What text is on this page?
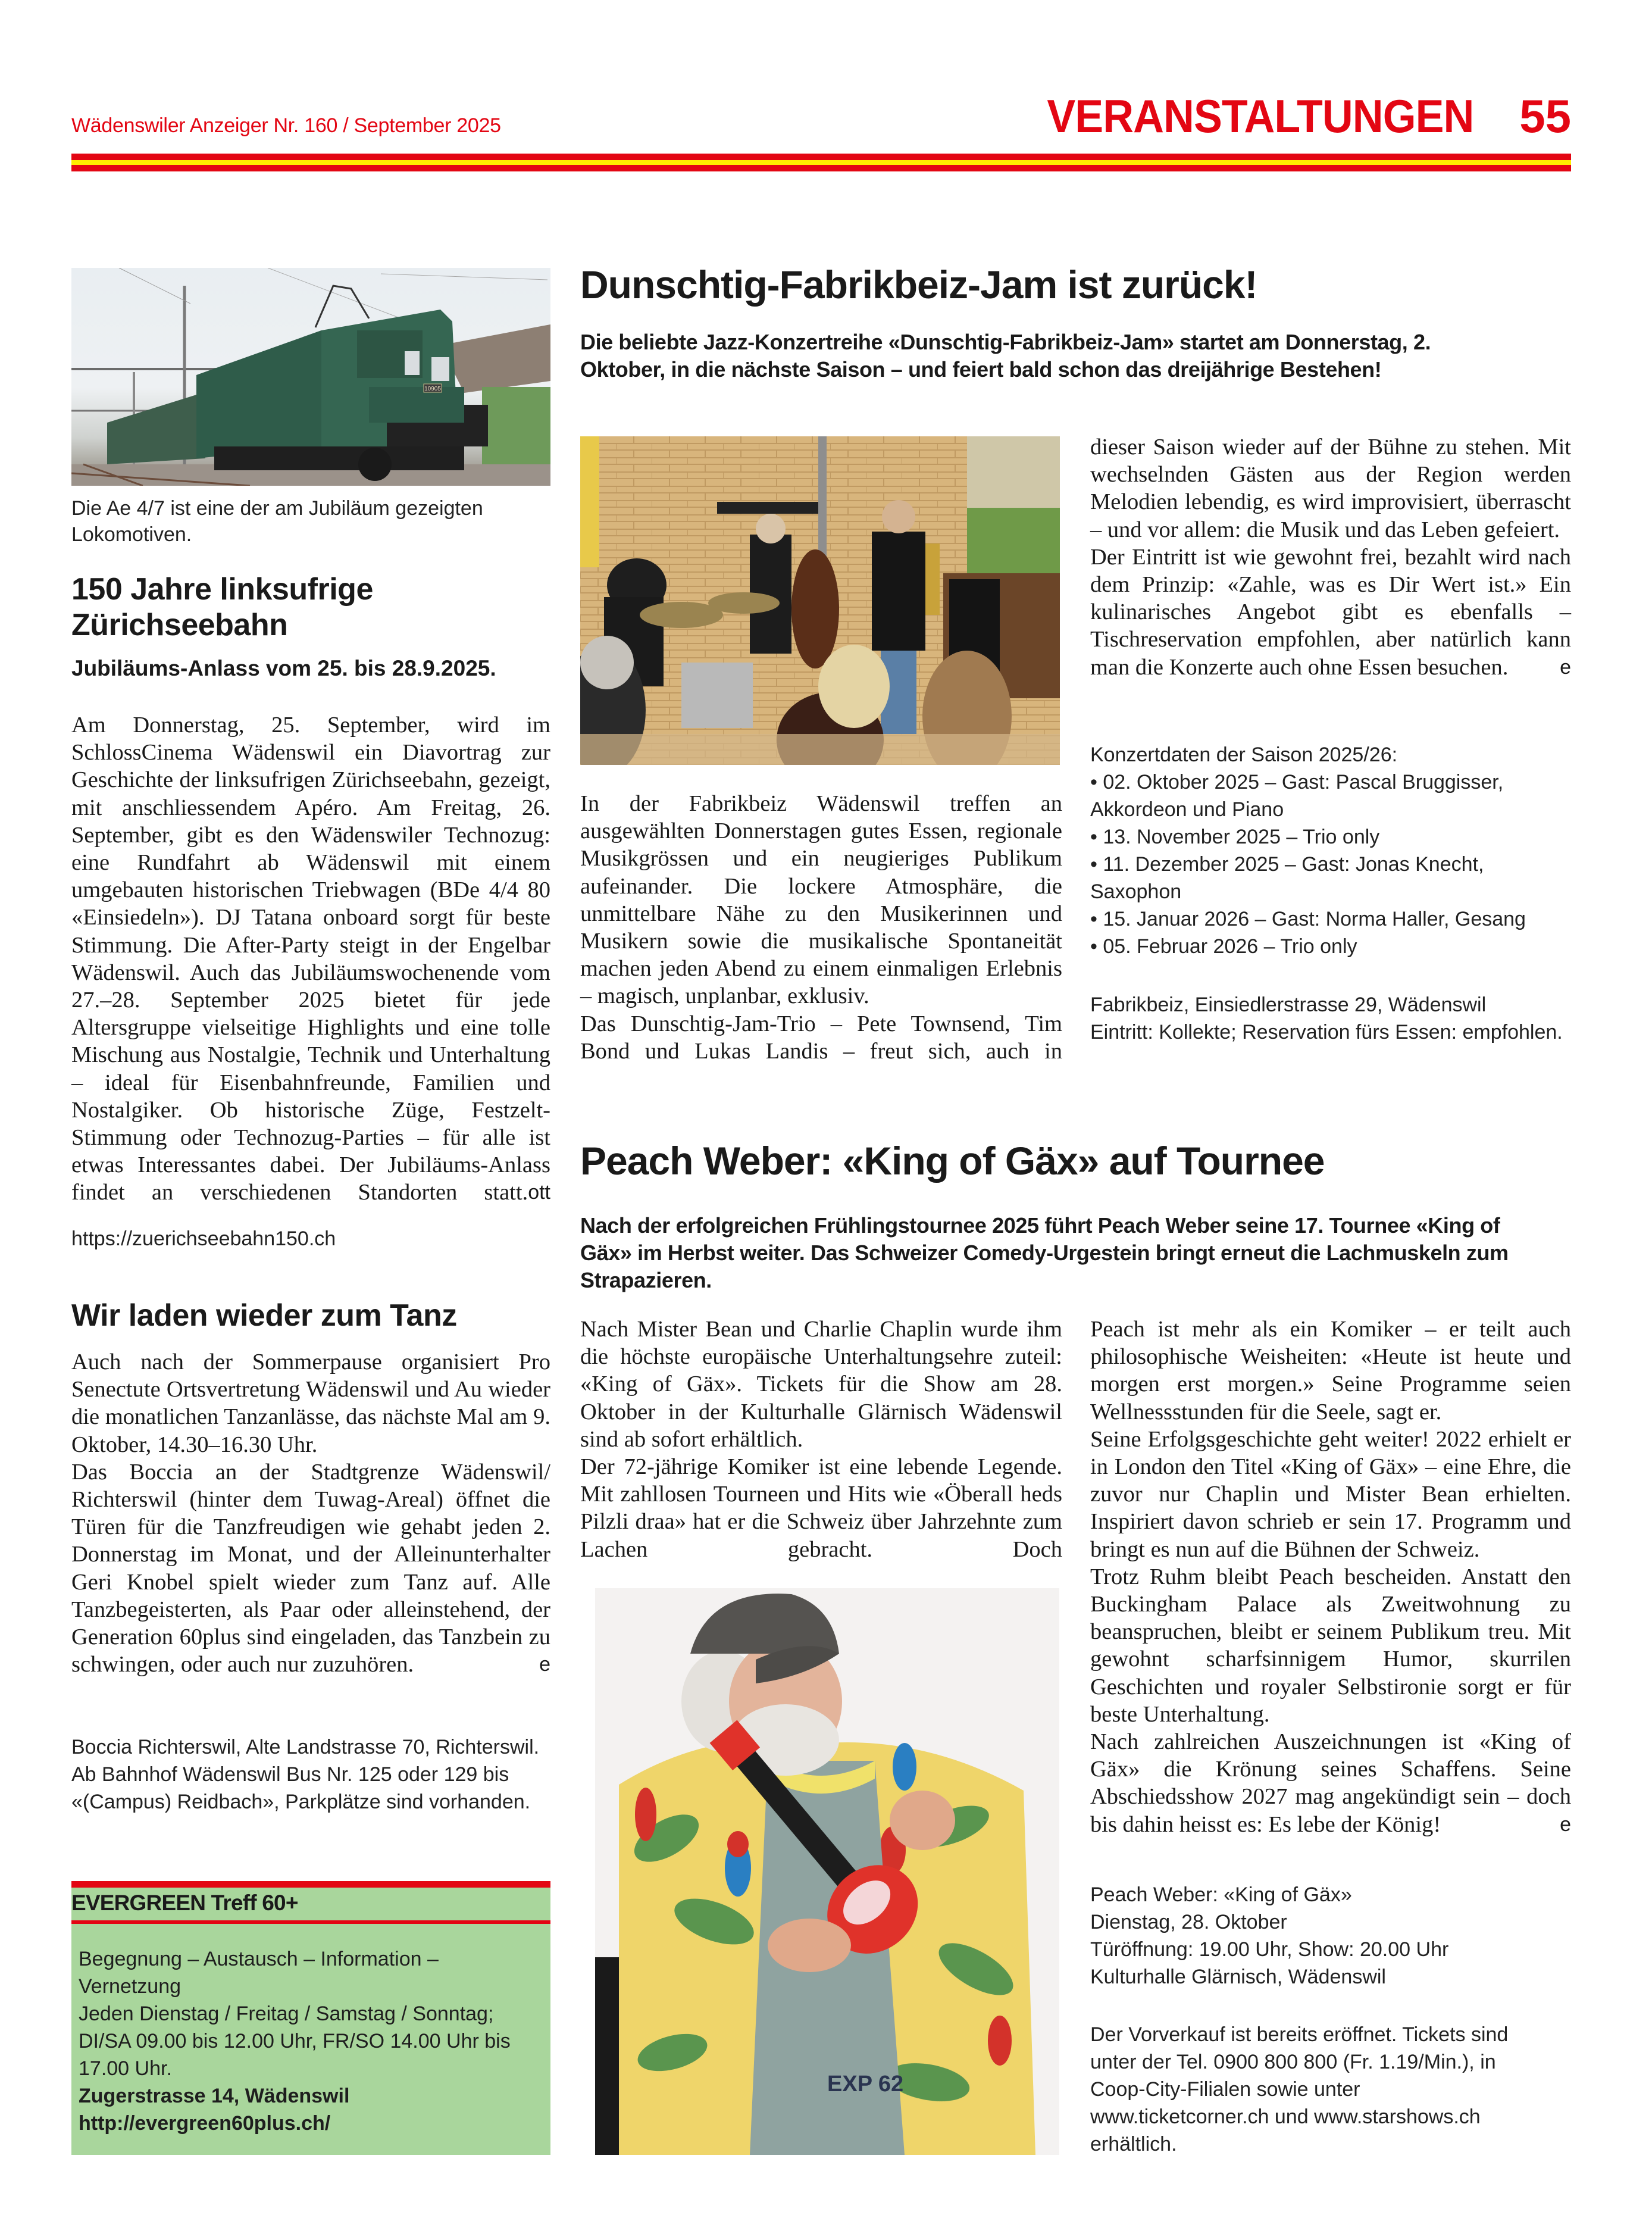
Wädenswiler Anzeiger Nr. 160 / September 2025	VERANSTALTUNGEN 55
10905
Die Ae 4/7 ist eine der am Jubiläum gezeigten Lokomotiven.
150 Jahre linksufrige Zürichseebahn
Jubiläums-Anlass vom 25. bis 28.9.2025.

Am Donnerstag, 25. September, wird im SchlossCinema Wädenswil ein Diavortrag zur Geschichte der linksufrigen Zürichseebahn, gezeigt, mit anschliessendem Apéro. Am Freitag, 26. September, gibt es den Wädenswiler Technozug: eine Rundfahrt ab Wädenswil mit einem umgebauten historischen Triebwagen (BDe 4/4 80 «Einsiedeln»). DJ Tatana onboard sorgt für beste Stimmung. Die After-Party steigt in der Engelbar Wädenswil. Auch das Jubiläumswochenende vom 27.–28. September 2025 bietet für jede Altersgruppe vielseitige Highlights und eine tolle Mischung aus Nostalgie, Technik und Unterhaltung – ideal für Eisenbahnfreunde, Familien und Nostalgiker. Ob historische Züge, Festzelt-Stimmung oder Technozug-Parties – für alle ist etwas Interessantes dabei. Der Jubiläums-Anlass findet an verschiedenen Standorten statt. ott

https://zuerichseebahn150.ch
Wir laden wieder zum Tanz

Auch nach der Sommerpause organisiert Pro Senectute Ortsvertretung Wädenswil und Au wieder die monatlichen Tanzanlässe, das nächste Mal am 9. Oktober, 14.30–16.30 Uhr.

Das Boccia an der Stadtgrenze Wädenswil/ Richterswil (hinter dem Tuwag-Areal) öffnet die Türen für die Tanzfreudigen wie gehabt jeden 2. Donnerstag im Monat, und der Alleinunterhalter Geri Knobel spielt wieder zum Tanz auf. Alle Tanzbegeisterten, als Paar oder alleinstehend, der Generation 60plus sind eingeladen, das Tanzbein zu schwingen, oder auch nur zuzuhören.	e

Boccia Richterswil, Alte Landstrasse 70, Richterswil. Ab Bahnhof Wädenswil Bus Nr. 125 oder 129 bis «(Campus) Reidbach», Parkplätze sind vorhanden.
EVERGREEN Treff 60+

Begegnung – Austausch – Information – Vernetzung

Jeden Dienstag / Freitag / Samstag / Sonntag; DI/SA 09.00 bis 12.00 Uhr, FR/SO 14.00 Uhr bis 17.00 Uhr.

Zugerstrasse 14, Wädenswil

http://evergreen60plus.ch/

Dunschtig-Fabrikbeiz-Jam ist zurück!
Die beliebte Jazz-Konzertreihe «Dunschtig-Fabrikbeiz-Jam» startet am Donnerstag, 2. Oktober, in die nächste Saison – und feiert bald schon das dreijährige Bestehen!

In der Fabrikbeiz Wädenswil treffen an ausgewählten Donnerstagen gutes Essen, regionale Musikgrössen und ein neugieriges Publikum aufeinander. Die lockere Atmosphäre, die unmittelbare Nähe zu den Musikerinnen und Musikern sowie die musikalische Spontaneität machen jeden Abend zu einem einmaligen Erlebnis – magisch, unplanbar, exklusiv.

Das Dunschtig-Jam-Trio – Pete Townsend, Tim Bond und Lukas Landis – freut sich, auch in

dieser Saison wieder auf der Bühne zu stehen. Mit wechselnden Gästen aus der Region werden Melodien lebendig, es wird improvisiert, überrascht – und vor allem: die Musik und das Leben gefeiert.

Der Eintritt ist wie gewohnt frei, bezahlt wird nach dem Prinzip: «Zahle, was es Dir Wert ist.» Ein kulinarisches Angebot gibt es ebenfalls – Tischreservation empfohlen, aber natürlich kann man die Konzerte auch ohne Essen besuchen.	e

Konzertdaten der Saison 2025/26:

• 02. Oktober 2025 – Gast: Pascal Bruggisser, Akkordeon und Piano

• 13. November 2025 – Trio only

• 11. Dezember 2025 – Gast: Jonas Knecht, Saxophon

• 15. Januar 2026 – Gast: Norma Haller, Gesang

• 05. Februar 2026 – Trio only

Fabrikbeiz, Einsiedlerstrasse 29, Wädenswil

Eintritt: Kollekte; Reservation fürs Essen: empfohlen.

Peach Weber: «King of Gäx» auf Tournee
Nach der erfolgreichen Frühlingstournee 2025 führt Peach Weber seine 17. Tournee «King of Gäx» im Herbst weiter. Das Schweizer Comedy-Urgestein bringt erneut die Lachmuskeln zum Strapazieren.

Nach Mister Bean und Charlie Chaplin wurde ihm die höchste europäische Unterhaltungsehre zuteil: «King of Gäx». Tickets für die Show am 28. Oktober in der Kulturhalle Glärnisch Wädenswil sind ab sofort erhältlich.

Der 72-jährige Komiker ist eine lebende Legende. Mit zahllosen Tourneen und Hits wie «Öberall heds Pilzli draa» hat er die Schweiz über Jahrzehnte zum Lachen gebracht. Doch

EXP 62

Peach ist mehr als ein Komiker – er teilt auch philosophische Weisheiten: «Heute ist heute und morgen erst morgen.» Seine Programme seien Wellnessstunden für die Seele, sagt er.

Seine Erfolgsgeschichte geht weiter! 2022 erhielt er in London den Titel «King of Gäx» – eine Ehre, die zuvor nur Chaplin und Mister Bean erhielten. Inspiriert davon schrieb er sein 17. Programm und bringt es nun auf die Bühnen der Schweiz.

Trotz Ruhm bleibt Peach bescheiden. Anstatt den Buckingham Palace als Zweitwohnung zu beanspruchen, bleibt er seinem Publikum treu. Mit gewohnt scharfsinnigem Humor, skurrilen Geschichten und royaler Selbstironie sorgt er für beste Unterhaltung.

Nach zahlreichen Auszeichnungen ist «King of Gäx» die Krönung seines Schaffens. Seine Abschiedsshow 2027 mag angekündigt sein – doch bis dahin heisst es: Es lebe der König!	e

Peach Weber: «King of Gäx»

Dienstag, 28. Oktober

Türöffnung: 19.00 Uhr, Show: 20.00 Uhr

Kulturhalle Glärnisch, Wädenswil

Der Vorverkauf ist bereits eröffnet. Tickets sind unter der Tel. 0900 800 800 (Fr. 1.19/Min.), in Coop-City-Filialen sowie unter www.ticketcorner.ch und www.starshows.ch erhältlich.
